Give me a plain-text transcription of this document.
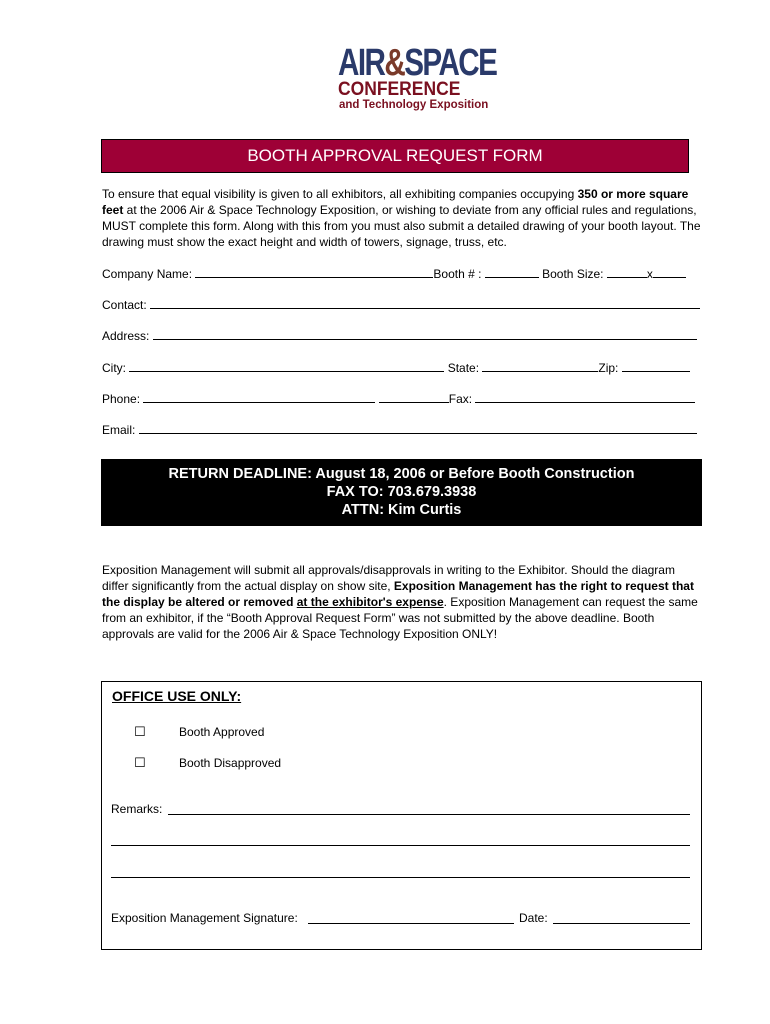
AIR&SPACE
CONFERENCE
and Technology Exposition
BOOTH APPROVAL REQUEST FORM
To ensure that equal visibility is given to all exhibitors, all exhibiting companies occupying 350 or more square feet at the 2006 Air & Space Technology Exposition, or wishing to deviate from any official rules and regulations, MUST complete this form. Along with this from you must also submit a detailed drawing of your booth layout. The drawing must show the exact height and width of towers, signage, truss, etc.
Company Name:	Booth # :	Booth Size:	x
Contact:
Address:
City:	State:	Zip:
Phone:	Fax:
Email:
RETURN DEADLINE: August 18, 2006 or Before Booth Construction
FAX TO: 703.679.3938
ATTN: Kim Curtis
Exposition Management will submit all approvals/disapprovals in writing to the Exhibitor. Should the diagram differ significantly from the actual display on show site, Exposition Management has the right to request that the display be altered or removed at the exhibitor's expense. Exposition Management can request the same from an exhibitor, if the “Booth Approval Request Form” was not submitted by the above deadline. Booth approvals are valid for the 2006 Air & Space Technology Exposition ONLY!
OFFICE USE ONLY:
☐	Booth Approved
☐	Booth Disapproved
Remarks:
Exposition Management Signature:	Date:
